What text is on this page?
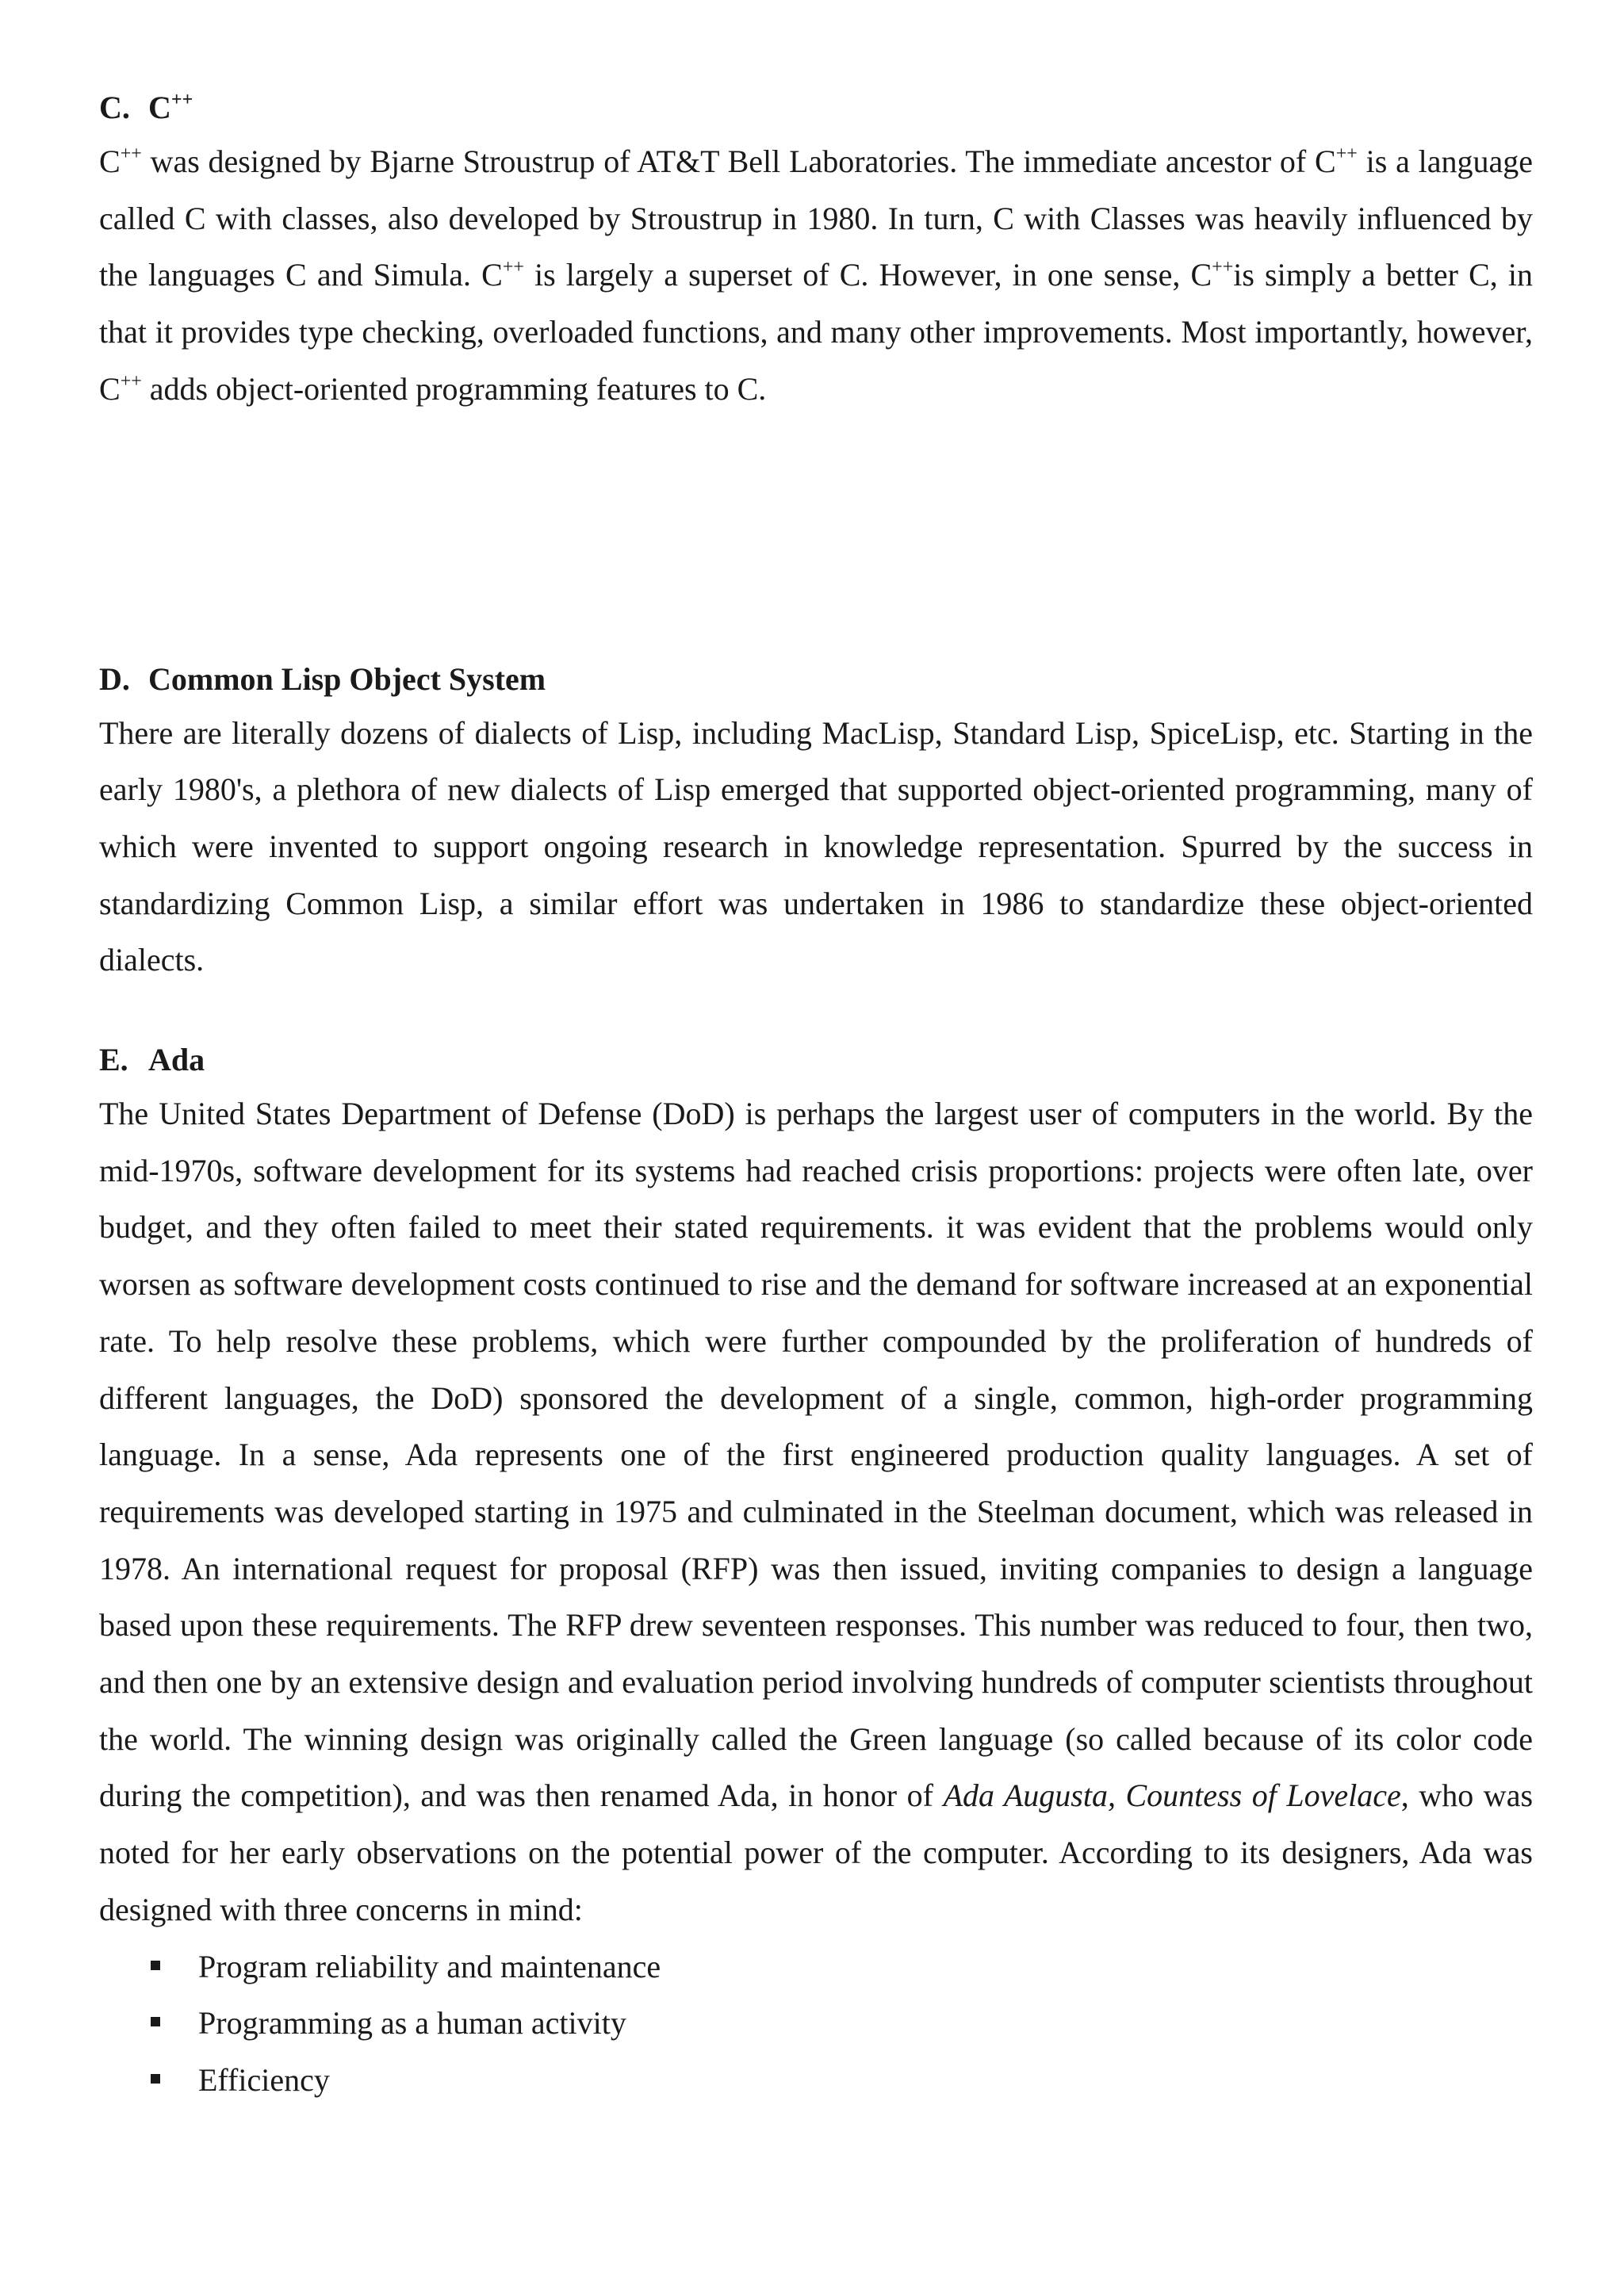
C. C++

C++ was designed by Bjarne Stroustrup of AT&T Bell Laboratories. The immediate ancestor of C++ is a language called C with classes, also developed by Stroustrup in 1980. In turn, C with Classes was heavily influenced by the languages C and Simula. C++ is largely a superset of C. However, in one sense, C++is simply a better C, in that it provides type checking, overloaded functions, and many other improvements. Most importantly, however, C++ adds object-oriented programming features to C.

D. Common Lisp Object System

There are literally dozens of dialects of Lisp, including MacLisp, Standard Lisp, SpiceLisp, etc. Starting in the early 1980's, a plethora of new dialects of Lisp emerged that supported object-oriented programming, many of which were invented to support ongoing research in knowledge representation. Spurred by the success in standardizing Common Lisp, a similar effort was undertaken in 1986 to standardize these object-oriented dialects.

E. Ada

The United States Department of Defense (DoD) is perhaps the largest user of computers in the world. By the mid-1970s, software development for its systems had reached crisis proportions: projects were often late, over budget, and they often failed to meet their stated requirements. it was evident that the problems would only worsen as software development costs continued to rise and the demand for software increased at an exponential rate. To help resolve these problems, which were further compounded by the proliferation of hundreds of different languages, the DoD) sponsored the development of a single, common, high-order programming language. In a sense, Ada represents one of the first engineered production quality languages. A set of requirements was developed starting in 1975 and culminated in the Steelman document, which was released in 1978. An international request for proposal (RFP) was then issued, inviting companies to design a language based upon these requirements. The RFP drew seventeen responses. This number was reduced to four, then two, and then one by an extensive design and evaluation period involving hundreds of computer scientists throughout the world. The winning design was originally called the Green language (so called because of its color code during the competition), and was then renamed Ada, in honor of Ada Augusta, Countess of Lovelace, who was noted for her early observations on the potential power of the computer. According to its designers, Ada was designed with three concerns in mind:

Program reliability and maintenance
Programming as a human activity
Efficiency
